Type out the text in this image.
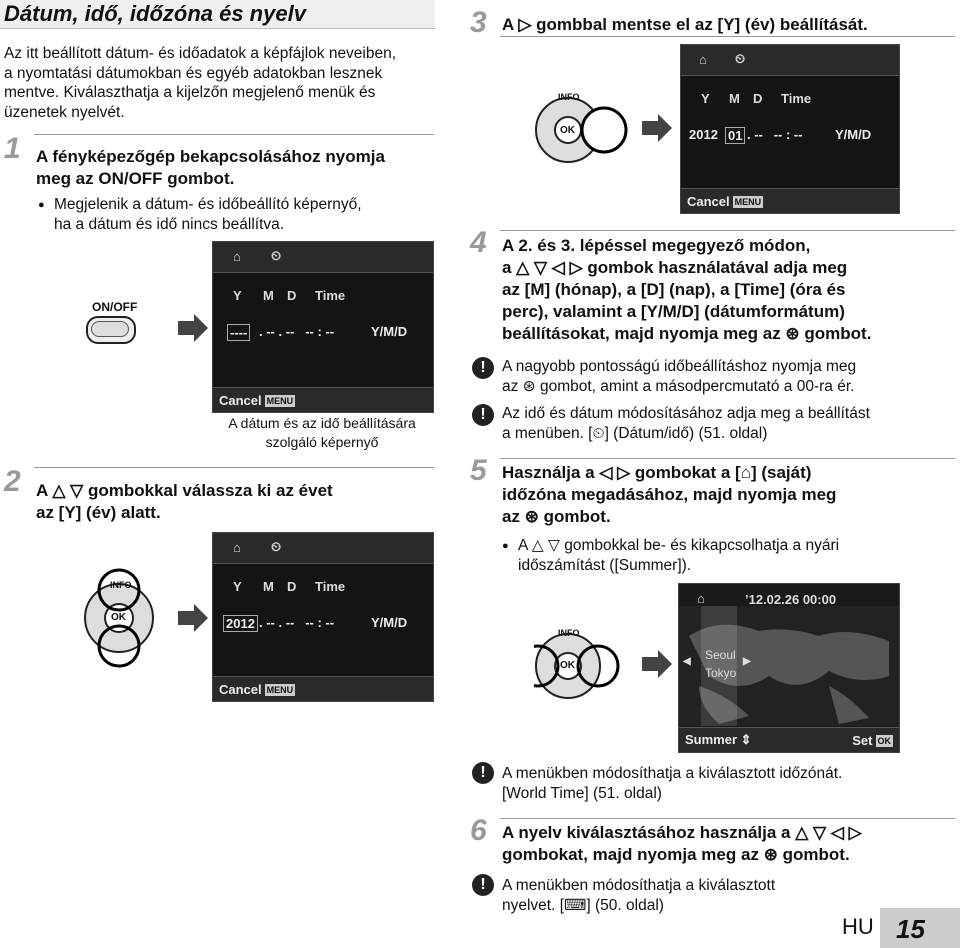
Dátum, idő, időzóna és nyelv
Az itt beállított dátum- és időadatok a képfájlok neveiben,
a nyomtatási dátumokban és egyéb adatokban lesznek
mentve. Kiválaszthatja a kijelzőn megjelenő menük és
üzenetek nyelvét.
1 A fényképezőgép bekapcsolásához nyomja
meg az ON/OFF gombot.
● Megjelenik a dátum- és időbeállító képernyő,
ha a dátum és idő nincs beállítva.
ON/OFF
⌂ ⏲
Y M D Time
---- . -- . --   -- : --	Y/M/D
Cancel MENU
A dátum és az idő beállítására
szolgáló képernyő
2 A △ ▽ gombokkal válassza ki az évet
az [Y] (év) alatt.
INFO
OK
⌂ ⏲
Y M D Time
2012 . -- . --   -- : --	Y/M/D
Cancel MENU
3 A ▷ gombbal mentse el az [Y] (év) beállítását.
INFO
OK
⌂ ⏲
Y M D Time
2012 01 . --   -- : -- Y/M/D
Cancel MENU
4 A 2. és 3. lépéssel megegyező módon,
a △ ▽ ◁ ▷ gombok használatával adja meg
az [M] (hónap), a [D] (nap), a [Time] (óra és
perc), valamint a [Y/M/D] (dátumformátum)
beállításokat, majd nyomja meg az ⊛ gombot.
!	A nagyobb pontosságú időbeállításhoz nyomja meg
az ⊛ gombot, amint a másodpercmutató a 00-ra ér.
!	Az idő és dátum módosításához adja meg a beállítást
a menüben. [⏲] (Dátum/idő) (51. oldal)
5 Használja a ◁ ▷ gombokat a [⌂] (saját)
időzóna megadásához, majd nyomja meg
az ⊛ gombot.
● A △ ▽ gombokkal be- és kikapcsolhatja a nyári
időszámítást ([Summer]).
INFO
OK
⌂	’12.02.26 00:00
Seoul
Tokyo
◀	▶
Summer ⇕	Set OK
!	A menükben módosíthatja a kiválasztott időzónát.
[World Time] (51. oldal)
6 A nyelv kiválasztásához használja a △ ▽ ◁ ▷
gombokat, majd nyomja meg az ⊛ gombot.
!	A menükben módosíthatja a kiválasztott
nyelvet. [⌨] (50. oldal)
HU 15
